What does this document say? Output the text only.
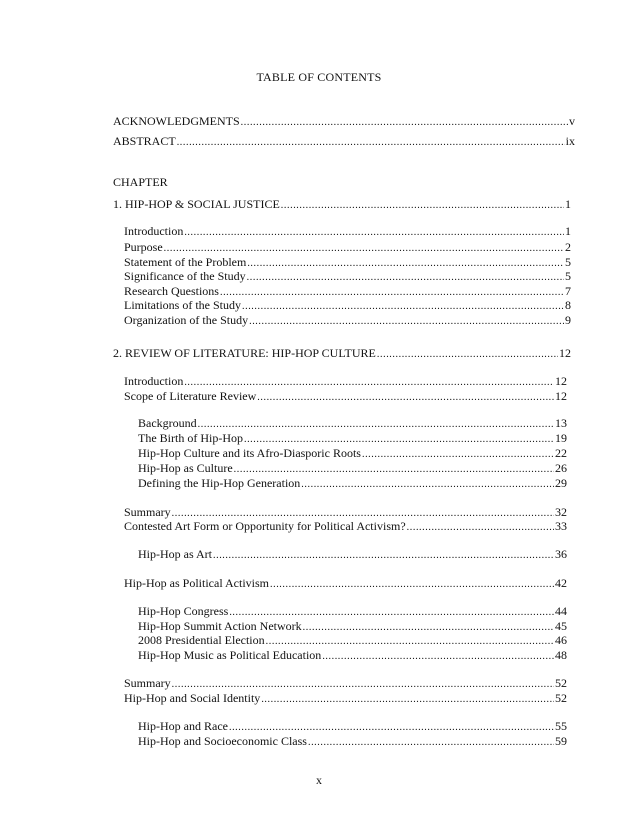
TABLE OF CONTENTS
ACKNOWLEDGMENTS .....	v
ABSTRACT .....	ix
CHAPTER
1. HIP-HOP & SOCIAL JUSTICE .....	1
Introduction .....	1
Purpose .....	2
Statement of the Problem .....	5
Significance of the Study .....	5
Research Questions .....	7
Limitations of the Study .....	8
Organization of the Study .....	9
2. REVIEW OF LITERATURE: HIP-HOP CULTURE .....	12
Introduction .....	12
Scope of Literature Review .....	12
Background .....	13
The Birth of Hip-Hop .....	19
Hip-Hop Culture and its Afro-Diasporic Roots .....	22
Hip-Hop as Culture .....	26
Defining the Hip-Hop Generation .....	29
Summary .....	32
Contested Art Form or Opportunity for Political Activism? .....	33
Hip-Hop as Art .....	36
Hip-Hop as Political Activism .....	42
Hip-Hop Congress .....	44
Hip-Hop Summit Action Network .....	45
2008 Presidential Election .....	46
Hip-Hop Music as Political Education .....	48
Summary .....	52
Hip-Hop and Social Identity .....	52
Hip-Hop and Race .....	55
Hip-Hop and Socioeconomic Class .....	59
x
